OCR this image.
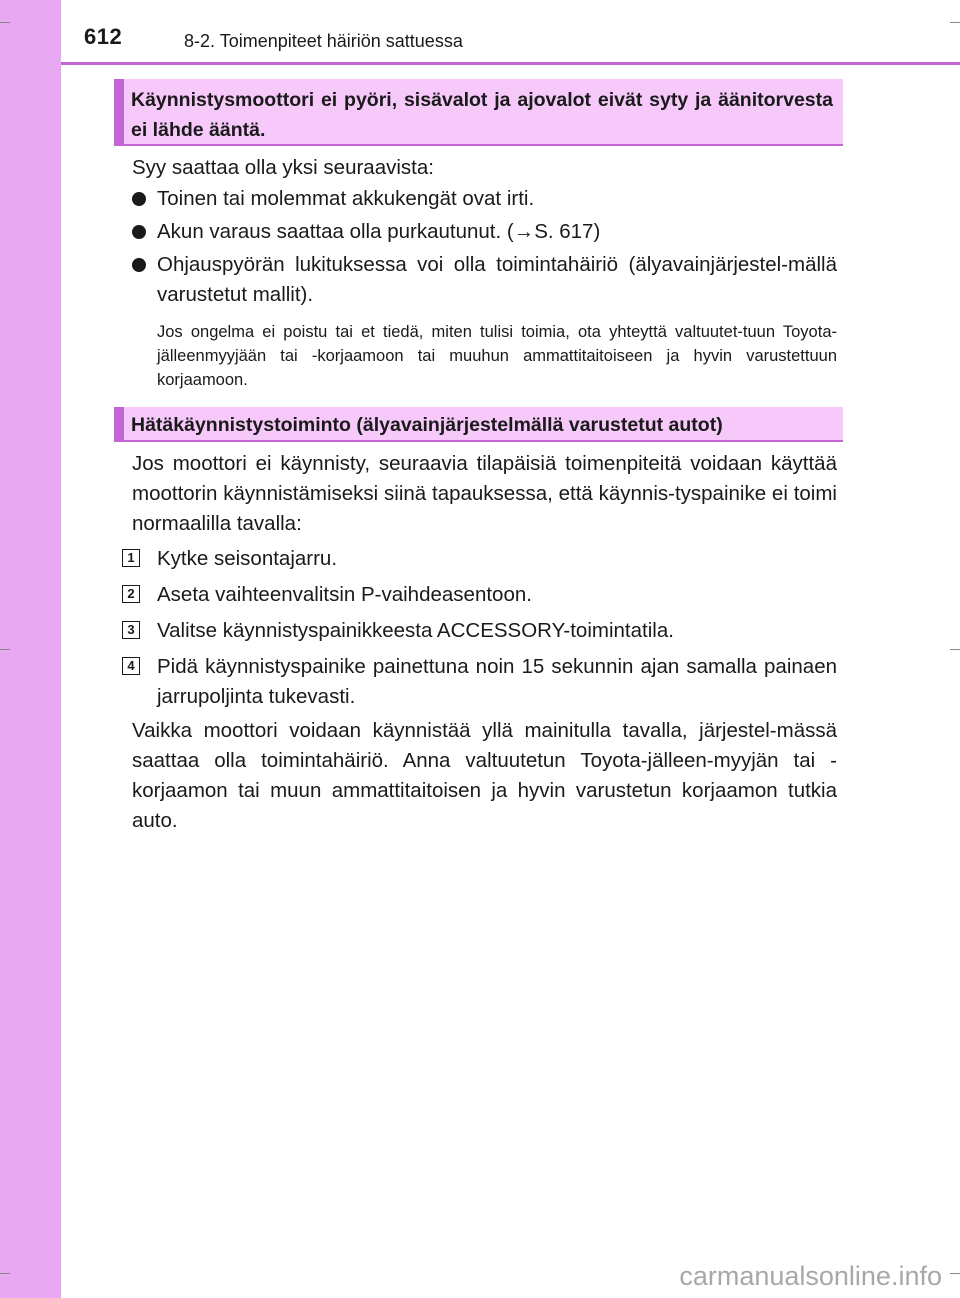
612	8-2. Toimenpiteet häiriön sattuessa
Käynnistysmoottori ei pyöri, sisävalot ja ajovalot eivät syty ja äänitorvesta ei lähde ääntä.
Syy saattaa olla yksi seuraavista:
Toinen tai molemmat akkukengät ovat irti.
Akun varaus saattaa olla purkautunut. (→S. 617)
Ohjauspyörän lukituksessa voi olla toimintahäiriö (älyavainjärjestel-mällä varustetut mallit).
Jos ongelma ei poistu tai et tiedä, miten tulisi toimia, ota yhteyttä valtuutet-tuun Toyota-jälleenmyyjään tai -korjaamoon tai muuhun ammattitaitoiseen ja hyvin varustettuun korjaamoon.
Hätäkäynnistystoiminto (älyavainjärjestelmällä varustetut autot)
Jos moottori ei käynnisty, seuraavia tilapäisiä toimenpiteitä voidaan käyttää moottorin käynnistämiseksi siinä tapauksessa, että käynnis-tyspainike ei toimi normaalilla tavalla:
1 Kytke seisontajarru.
2 Aseta vaihteenvalitsin P-vaihdeasentoon.
3 Valitse käynnistyspainikkeesta ACCESSORY-toimintatila.
4 Pidä käynnistyspainike painettuna noin 15 sekunnin ajan samalla painaen jarrupoljinta tukevasti.
Vaikka moottori voidaan käynnistää yllä mainitulla tavalla, järjestel-mässä saattaa olla toimintahäiriö. Anna valtuutetun Toyota-jälleen-myyjän tai -korjaamon tai muun ammattitaitoisen ja hyvin varustetun korjaamon tutkia auto.
carmanualsonline.info
